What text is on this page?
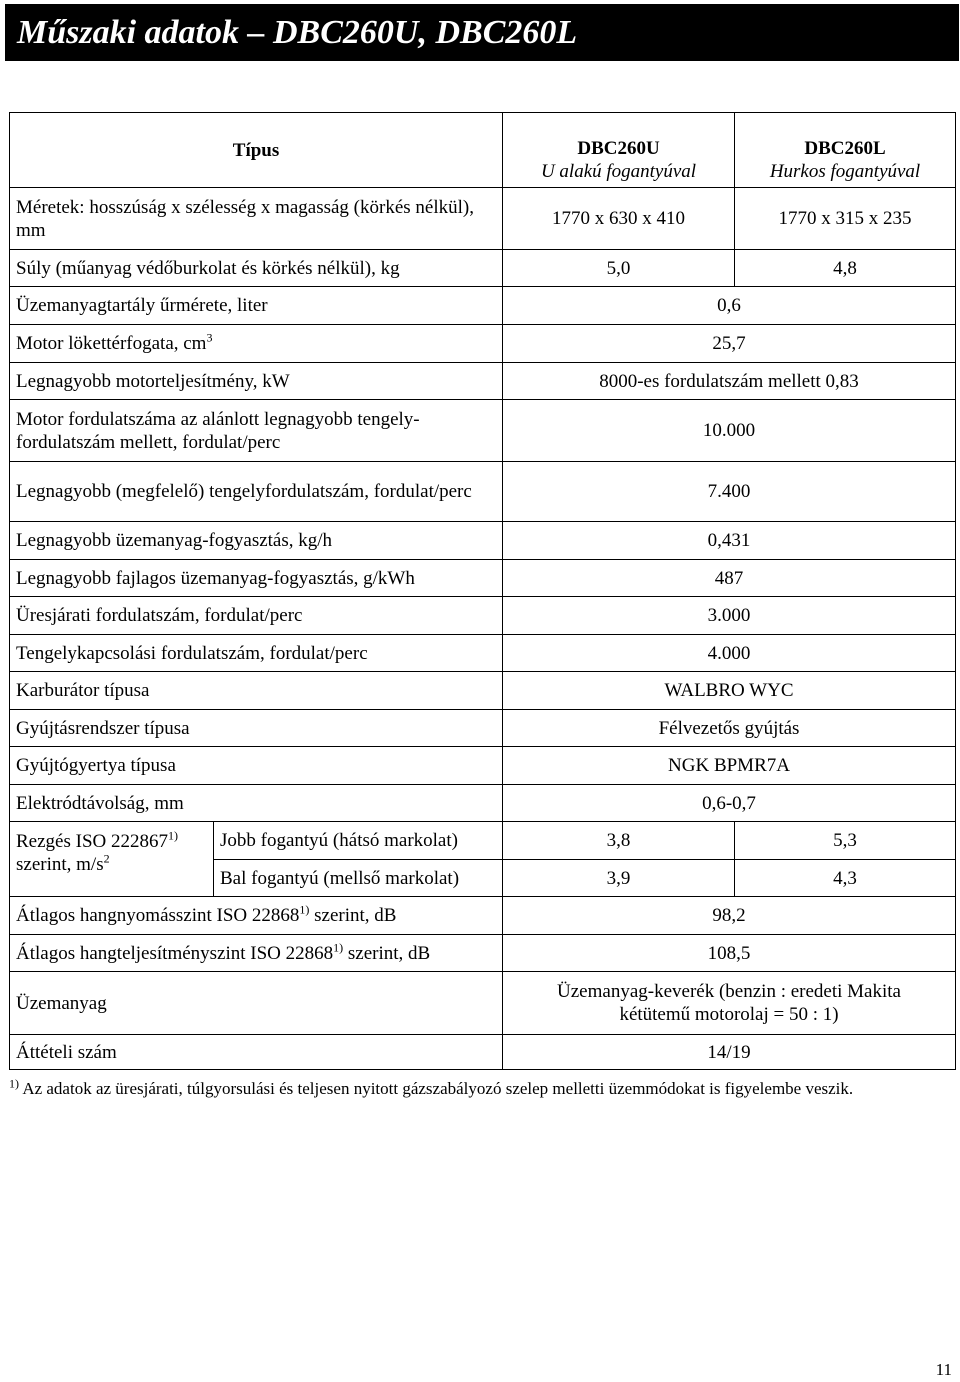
Műszaki adatok – DBC260U, DBC260L
Típus		DBC260U	DBC260L
		U alakú fogantyúval	Hurkos fogantyúval
Méretek: hosszúság x szélesség x magasság (körkés nélkül), mm		1770 x 630 x 410	1770 x 315 x 235
Súly (műanyag védőburkolat és körkés nélkül), kg		5,0	4,8
Üzemanyagtartály űrmérete, liter		0,6	
Motor lökettérfogata, $cm^3$		25,7	
Legnagyobb motorteljesítmény, kW		8000-es fordulatszám mellett 0,83	
Motor fordulatszáma az alánlott legnagyobb tengely-fordulatszám mellett, fordulat/perc		10.000	
Legnagyobb (megfelelő) tengelyfordulatszám, fordulat/perc		7.400	
Legnagyobb üzemanyag-fogyasztás, kg/h		0,431	
Legnagyobb fajlagos üzemanyag-fogyasztás, g/kWh		487	
Üresjárati fordulatszám, fordulat/perc		3.000	
Tengelykapcsolási fordulatszám, fordulat/perc		4.000	
Karburátor típusa		WALBRO WYC	
Gyújtásrendszer típusa		Félvezetős gyújtás	
Gyújtógyertya típusa		NGK BPMR7A	
Elektródtávolság, mm		0,6-0,7	
Rezgés ISO 222867$^{1)}$
szerint, $m/s^2$	Jobb fogantyú (hátsó markolat)	3,8	5,3
	Bal fogantyú (mellső markolat)	3,9	4,3
Átlagos hangnyomásszint ISO 22868$^{1)}$ szerint, dB		98,2	
Átlagos hangteljesítményszint ISO 22868$^{1)}$ szerint, dB		108,5	
Üzemanyag		Üzemanyag-keverék (benzin : eredeti Makita kétütemű motorolaj = 50 : 1)	
Áttételi szám		14/19	
$^{1)}$ Az adatok az üresjárati, túlgyorsulási és teljesen nyitott gázszabályozó szelep melletti üzemmódokat is figyelembe veszik.
11
